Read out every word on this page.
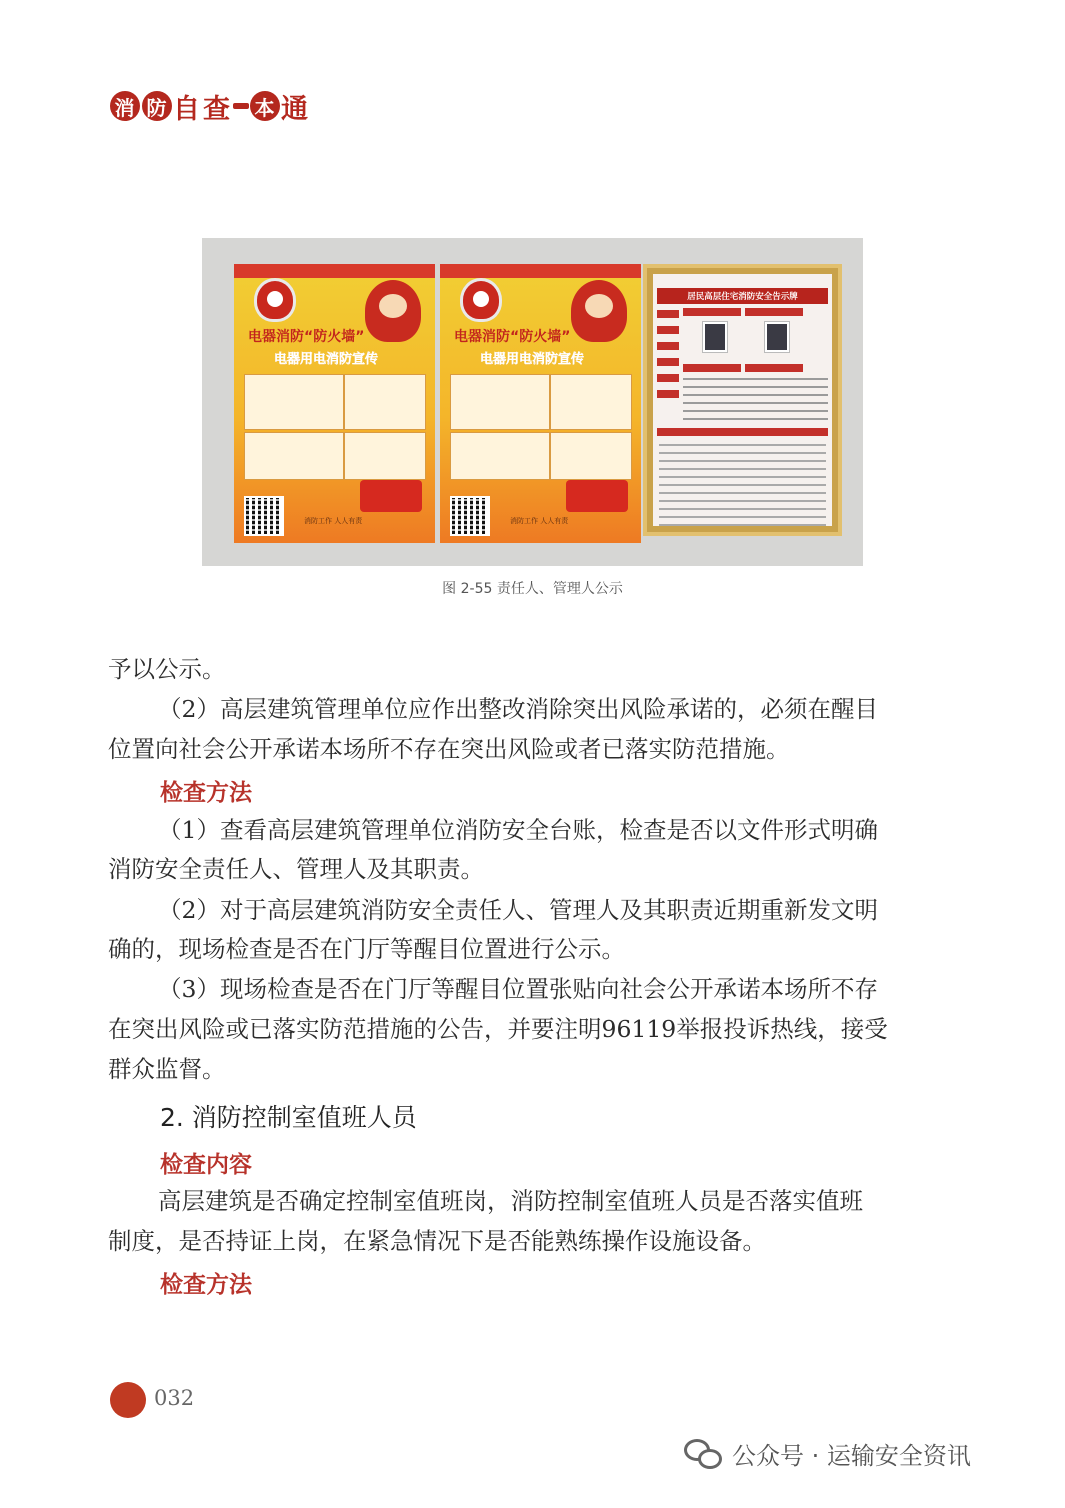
消 防 自 查 本 通
电器消防“防火墙”
电器用电消防宣传
消防工作 人人有责
电器消防“防火墙”
电器用电消防宣传
消防工作 人人有责
居民高层住宅消防安全告示牌
图 2-55 责任人、管理人公示
予以公示。
（2）高层建筑管理单位应作出整改消除突出风险承诺的，必须在醒目
位置向社会公开承诺本场所不存在突出风险或者已落实防范措施。
检查方法
（1）查看高层建筑管理单位消防安全台账，检查是否以文件形式明确
消防安全责任人、管理人及其职责。
（2）对于高层建筑消防安全责任人、管理人及其职责近期重新发文明
确的，现场检查是否在门厅等醒目位置进行公示。
（3）现场检查是否在门厅等醒目位置张贴向社会公开承诺本场所不存
在突出风险或已落实防范措施的公告，并要注明96119举报投诉热线，接受
群众监督。
2. 消防控制室值班人员
检查内容
高层建筑是否确定控制室值班岗，消防控制室值班人员是否落实值班
制度，是否持证上岗，在紧急情况下是否能熟练操作设施设备。
检查方法
032
公众号 · 运输安全资讯
